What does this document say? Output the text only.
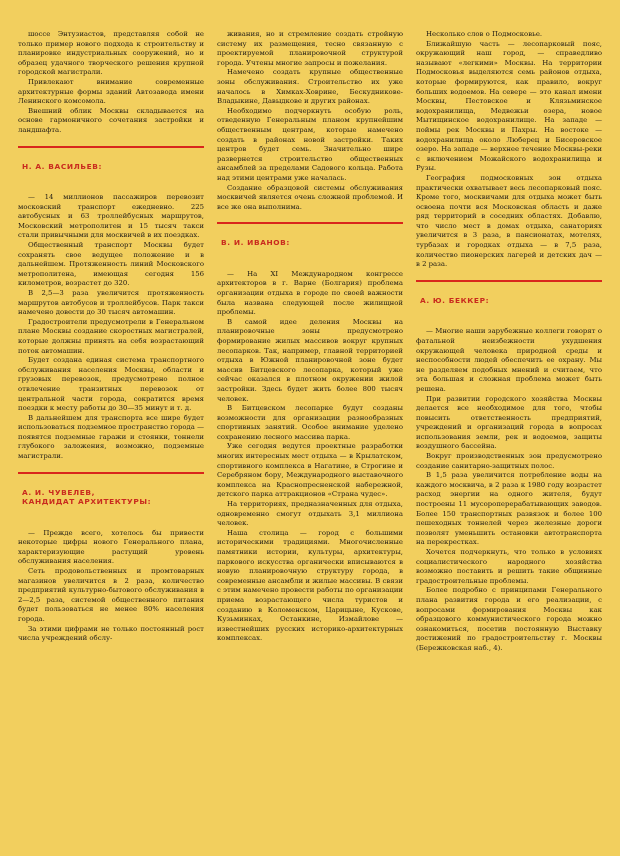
шоссе Энтузиастов, представляя собой не только пример нового подхода к строительству и планировке индустриальных сооружений, но и образец удачного творческого решения крупной городской магистрали.

Привлекают внимание современные архитектурные формы зданий Автозавода имени Ленинского комсомола.

Внешний облик Москвы складывается на основе гармоничного сочетания застройки и ландшафта.

Н. А. ВАСИЛЬЕВ:

— 14 миллионов пассажиров перевозит московский транспорт ежедневно. 225 автобусных и 63 троллейбусных маршрутов, Московский метрополитен и 15 тысяч такси стали привычными для москвичей в их поездках.

Общественный транспорт Москвы будет сохранять свое ведущее положение и в дальнейшем. Протяженность линий Московского метрополитена, имеющая сегодня 156 километров, возрастет до 320.

В 2,5—3 раза увеличится протяженность маршрутов автобусов и троллейбусов. Парк такси намечено довести до 30 тысяч автомашин.

Градостроители предусмотрели в Генеральном плане Москвы создание скоростных магистралей, которые должны принять на себя возрастающий поток автомашин.

Будет создана единая система транспортного обслуживания населения Москвы, области и грузовых перевозок, предусмотрено полное отвлечение транзитных перевозок от центральной части города, сократится время поездки к месту работы до 30—35 минут и т. д.

В дальнейшем для транспорта все шире будет использоваться подземное пространство города — появятся подземные гаражи и стоянки, тоннели глубокого заложения, возможно, подземные магистрали.

А. И. ЧУВЕЛЕВ,
КАНДИДАТ АРХИТЕКТУРЫ:

— Прежде всего, хотелось бы привести некоторые цифры нового Генерального плана, характеризующие растущий уровень обслуживания населения.

Сеть продовольственных и промтоварных магазинов увеличится в 2 раза, количество предприятий культурно-бытового обслуживания в 2—2,5 раза, системой общественного питания будет пользоваться не менее 80% населения города.

За этими цифрами не только постоянный рост числа учреждений обслу-

живания, но и стремление создать стройную систему их размещения, тесно связанную с проектируемой планировочной структурой города. Учтены многие запросы и пожелания.

Намечено создать крупные общественные зоны обслуживания. Строительство их уже началось в Химках-Ховрине, Бескудникове-Владыкине, Давыдкове и других районах.

Необходимо подчеркнуть особую роль, отведенную Генеральным планом крупнейшим общественным центрам, которые намечено создать в районах новой застройки. Таких центров будет семь. Значительно шире развернется строительство общественных ансамблей за пределами Садового кольца. Работа над этими центрами уже началась.

Создание образцовой системы обслуживания москвичей является очень сложной проблемой. И все же она выполнима.

В. И. ИВАНОВ:

— На XI Международном конгрессе архитекторов в г. Варне (Болгария) проблема организации отдыха в городе по своей важности была названа следующей после жилищной проблемы.

В самой идее деления Москвы на планировочные зоны предусмотрено формирование жилых массивов вокруг крупных лесопарков. Так, например, главной территорией отдыха в Южной планировочной зоне будет массив Битцевского лесопарка, который уже сейчас оказался в плотном окружении жилой застройки. Здесь будет жить более 800 тысяч человек.

В Битцевском лесопарке будут созданы возможности для организации разнообразных спортивных занятий. Особое внимание уделено сохранению лесного массива парка.

Уже сегодня ведутся проектные разработки многих интересных мест отдыха — в Крылатском, спортивного комплекса в Нагатине, в Строгине и Серебряном бору, Международного выставочного комплекса на Краснопресненской набережной, детского парка аттракционов «Страна чудес».

На территориях, предназначенных для отдыха, одновременно смогут отдыхать 3,1 миллиона человек.

Наша столица — город с большими историческими традициями. Многочисленные памятники истории, культуры, архитектуры, паркового искусства органически вписываются в новую планировочную структуру города, в современные ансамбли и жилые массивы. В связи с этим намечено провести работы по организации приема возрастающего числа туристов и созданию в Коломенском, Царицыне, Кускове, Кузьминках, Останкине, Измайлове — известнейших русских историко-архитектурных комплексах.

Несколько слов о Подмосковье.

Ближайшую часть — лесопарковый пояс, окружающий наш город, — справедливо называют «легкими» Москвы. На территории Подмосковья выделяются семь районов отдыха, которые формируются, как правило, вокруг больших водоемов. На севере — это канал имени Москвы, Пестовское и Клязьминское водохранилища, Медвежьи озера, новое Мытищинское водохранилище. На западе — поймы рек Москвы и Пахры. На востоке — водохранилища около Люберец и Бисеровское озеро. На западе — верхнее течение Москвы-реки с включением Можайского водохранилища и Рузы.

География подмосковных зон отдыха практически охватывает весь лесопарковый пояс. Кроме того, москвичами для отдыха может быть освоена почти вся Московская область и даже ряд территорий в соседних областях. Добавлю, что число мест в домах отдыха, санаториях увеличится в 3 раза, в пансионатах, мотелях, турбазах и городках отдыха — в 7,5 раза, количество пионерских лагерей и детских дач — в 2 раза.

А. Ю. БЕККЕР:

— Многие наши зарубежные коллеги говорят о фатальной неизбежности ухудшения окружающей человека природной среды и неспособности людей обеспечить ее охрану. Мы не разделяем подобных мнений и считаем, что эта большая и сложная проблема может быть решена.

При развитии городского хозяйства Москвы делается все необходимое для того, чтобы повысить ответственность предприятий, учреждений и организаций города в вопросах использования земли, рек и водоемов, защиты воздушного бассейна.

Вокруг производственных зон предусмотрено создание санитарно-защитных полос.

В 1,5 раза увеличится потребление воды на каждого москвича, в 2 раза к 1980 году возрастет расход энергии на одного жителя, будут построены 11 мусороперерабатывающих заводов. Более 150 транспортных развязок и более 100 пешеходных тоннелей через железные дороги позволят уменьшить остановки автотранспорта на перекрестках.

Хочется подчеркнуть, что только в условиях социалистического народного хозяйства возможно поставить и решить такие общинные градостроительные проблемы.

Более подробно с принципами Генерального плана развития города и его реализации, с вопросами формирования Москвы как образцового коммунистического города можно ознакомиться, посетив постоянную Выставку достижений по градостроительству г. Москвы (Бережковская наб., 4).
